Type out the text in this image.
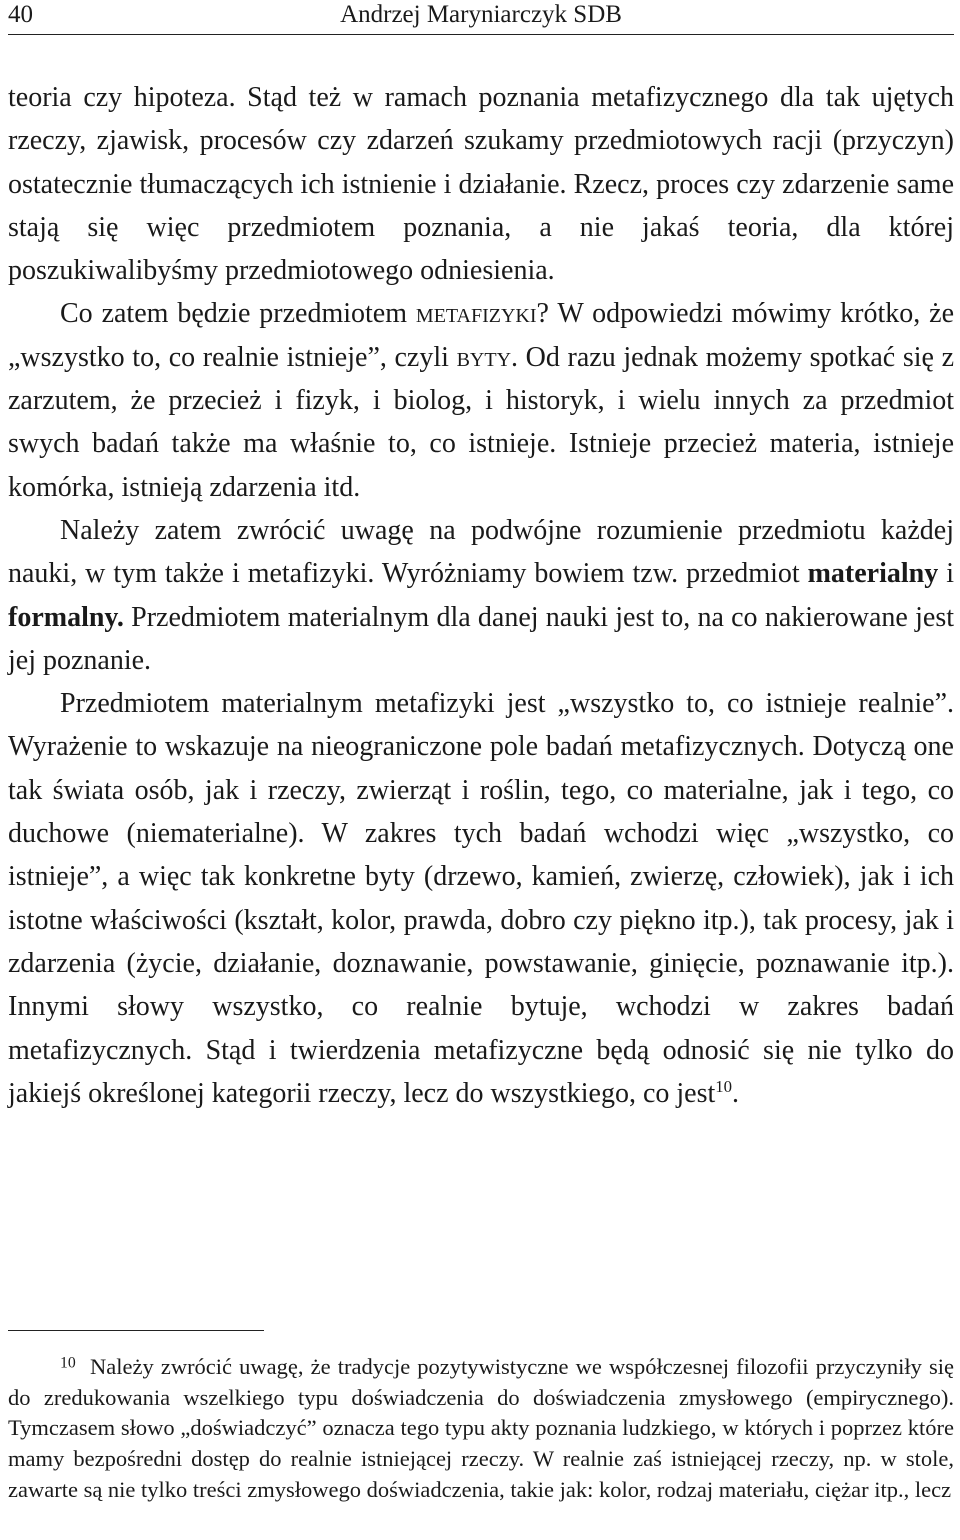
40	Andrzej Maryniarczyk SDB

teoria czy hipoteza. Stąd też w ramach poznania metafizycznego dla tak ujętych rzeczy, zjawisk, procesów czy zdarzeń szukamy przedmiotowych racji (przyczyn) ostatecznie tłumaczących ich istnienie i działanie. Rzecz, proces czy zdarzenie same stają się więc przedmiotem poznania, a nie jakaś teoria, dla której poszukiwalibyśmy przedmiotowego odniesienia.

Co zatem będzie przedmiotem metafizyki? W odpowiedzi mówimy krótko, że „wszystko to, co realnie istnieje”, czyli byty. Od razu jednak możemy spotkać się z zarzutem, że przecież i fizyk, i biolog, i historyk, i wielu innych za przedmiot swych badań także ma właśnie to, co istnieje. Istnieje przecież materia, istnieje komórka, istnieją zdarzenia itd.

Należy zatem zwrócić uwagę na podwójne rozumienie przedmiotu każdej nauki, w tym także i metafizyki. Wyróżniamy bowiem tzw. przedmiot materialny i formalny. Przedmiotem materialnym dla danej nauki jest to, na co nakierowane jest jej poznanie.

Przedmiotem materialnym metafizyki jest „wszystko to, co istnieje realnie”. Wyrażenie to wskazuje na nieograniczone pole badań metafizycznych. Dotyczą one tak świata osób, jak i rzeczy, zwierząt i roślin, tego, co materialne, jak i tego, co duchowe (niematerialne). W zakres tych badań wchodzi więc „wszystko, co istnieje”, a więc tak konkretne byty (drzewo, kamień, zwierzę, człowiek), jak i ich istotne właściwości (kształt, kolor, prawda, dobro czy piękno itp.), tak procesy, jak i zdarzenia (życie, działanie, doznawanie, powstawanie, ginięcie, poznawanie itp.). Innymi słowy wszystko, co realnie bytuje, wchodzi w zakres badań metafizycznych. Stąd i twierdzenia metafizyczne będą odnosić się nie tylko do jakiejś określonej kategorii rzeczy, lecz do wszystkiego, co jest$^{10}$.

$^{10}$ Należy zwrócić uwagę, że tradycje pozytywistyczne we współczesnej filozofii przyczyniły się do zredukowania wszelkiego typu doświadczenia do doświadczenia zmysłowego (empirycznego). Tymczasem słowo „doświadczyć” oznacza tego typu akty poznania ludzkiego, w których i poprzez które mamy bezpośredni dostęp do realnie istniejącej rzeczy. W realnie zaś istniejącej rzeczy, np. w stole, zawarte są nie tylko treści zmysłowego doświadczenia, takie jak: kolor, rodzaj materiału, ciężar itp., lecz
